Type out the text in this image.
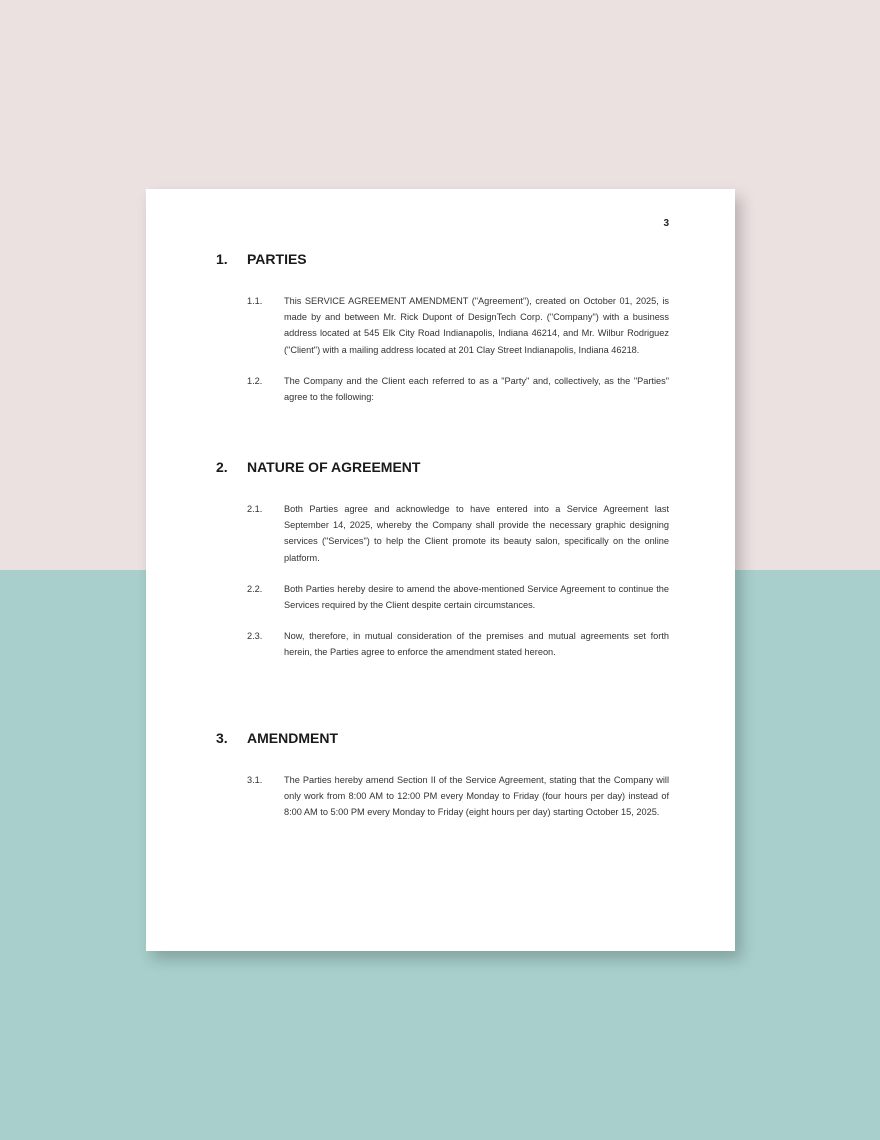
3
1.	PARTIES
1.1.	This SERVICE AGREEMENT AMENDMENT ("Agreement"), created on October 01, 2025, is made by and between Mr. Rick Dupont of DesignTech Corp. ("Company") with a business address located at 545 Elk City Road Indianapolis, Indiana 46214, and Mr. Wilbur Rodriguez ("Client") with a mailing address located at 201 Clay Street Indianapolis, Indiana 46218.
1.2.	The Company and the Client each referred to as a "Party" and, collectively, as the "Parties" agree to the following:
2.	NATURE OF AGREEMENT
2.1.	Both Parties agree and acknowledge to have entered into a Service Agreement last September 14, 2025, whereby the Company shall provide the necessary graphic designing services ("Services") to help the Client promote its beauty salon, specifically on the online platform.
2.2.	Both Parties hereby desire to amend the above-mentioned Service Agreement to continue the Services required by the Client despite certain circumstances.
2.3.	Now, therefore, in mutual consideration of the premises and mutual agreements set forth herein, the Parties agree to enforce the amendment stated hereon.
3.	AMENDMENT
3.1.	The Parties hereby amend Section II of the Service Agreement, stating that the Company will only work from 8:00 AM to 12:00 PM every Monday to Friday (four hours per day) instead of 8:00 AM to 5:00 PM every Monday to Friday (eight hours per day) starting October 15, 2025.
